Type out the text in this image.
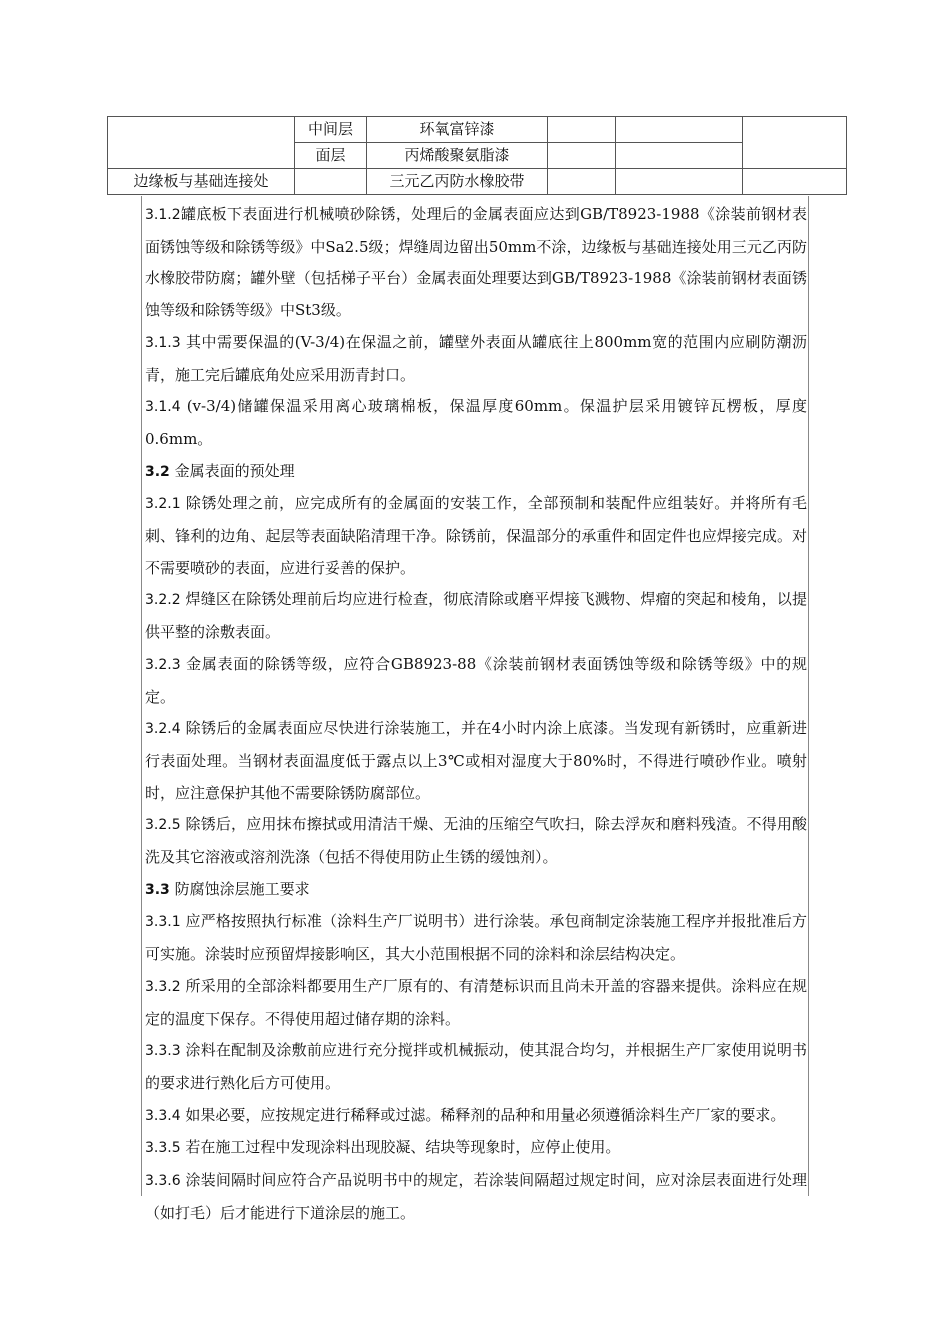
	中间层	环氧富锌漆			
	面层	丙烯酸聚氨脂漆			
边缘板与基础连接处		三元乙丙防水橡胶带			

3.1.2罐底板下表面进行机械喷砂除锈，处理后的金属表面应达到GB/T8923-1988《涂装前钢材表面锈蚀等级和除锈等级》中Sa2.5级；焊缝周边留出50mm不涂，边缘板与基础连接处用三元乙丙防水橡胶带防腐；罐外壁（包括梯子平台）金属表面处理要达到GB/T8923-1988《涂装前钢材表面锈蚀等级和除锈等级》中St3级。

3.1.3 其中需要保温的(V-3/4)在保温之前，罐壁外表面从罐底往上800mm宽的范围内应刷防潮沥青，施工完后罐底角处应采用沥青封口。

3.1.4 (v-3/4)储罐保温采用离心玻璃棉板，保温厚度60mm。保温护层采用镀锌瓦楞板，厚度0.6mm。

3.2 金属表面的预处理

3.2.1 除锈处理之前，应完成所有的金属面的安装工作，全部预制和装配件应组装好。并将所有毛刺、锋利的边角、起层等表面缺陷清理干净。除锈前，保温部分的承重件和固定件也应焊接完成。对不需要喷砂的表面，应进行妥善的保护。

3.2.2 焊缝区在除锈处理前后均应进行检查，彻底清除或磨平焊接飞溅物、焊瘤的突起和棱角，以提供平整的涂敷表面。

3.2.3 金属表面的除锈等级，应符合GB8923-88《涂装前钢材表面锈蚀等级和除锈等级》中的规定。

3.2.4 除锈后的金属表面应尽快进行涂装施工，并在4小时内涂上底漆。当发现有新锈时，应重新进行表面处理。当钢材表面温度低于露点以上3℃或相对湿度大于80%时，不得进行喷砂作业。喷射时，应注意保护其他不需要除锈防腐部位。

3.2.5 除锈后，应用抹布擦拭或用清洁干燥、无油的压缩空气吹扫，除去浮灰和磨料残渣。不得用酸洗及其它溶液或溶剂洗涤（包括不得使用防止生锈的缓蚀剂）。

3.3 防腐蚀涂层施工要求

3.3.1 应严格按照执行标准（涂料生产厂说明书）进行涂装。承包商制定涂装施工程序并报批准后方可实施。涂装时应预留焊接影响区，其大小范围根据不同的涂料和涂层结构决定。

3.3.2 所采用的全部涂料都要用生产厂原有的、有清楚标识而且尚未开盖的容器来提供。涂料应在规定的温度下保存。不得使用超过储存期的涂料。

3.3.3 涂料在配制及涂敷前应进行充分搅拌或机械振动，使其混合均匀，并根据生产厂家使用说明书的要求进行熟化后方可使用。

3.3.4 如果必要，应按规定进行稀释或过滤。稀释剂的品种和用量必须遵循涂料生产厂家的要求。

3.3.5 若在施工过程中发现涂料出现胶凝、结块等现象时，应停止使用。

3.3.6 涂装间隔时间应符合产品说明书中的规定，若涂装间隔超过规定时间，应对涂层表面进行处理（如打毛）后才能进行下道涂层的施工。
